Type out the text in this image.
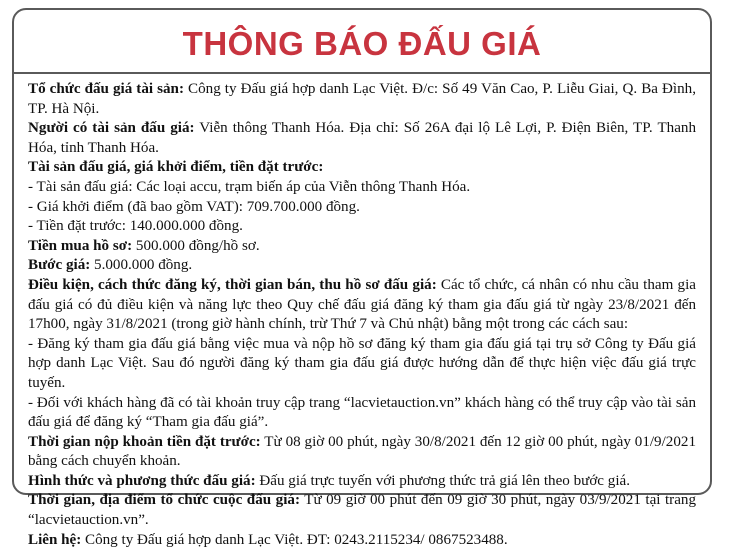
THÔNG BÁO ĐẤU GIÁ

Tổ chức đấu giá tài sản: Công ty Đấu giá hợp danh Lạc Việt. Đ/c: Số 49 Văn Cao, P. Liễu Giai, Q. Ba Đình, TP. Hà Nội.

Người có tài sản đấu giá: Viễn thông Thanh Hóa. Địa chỉ: Số 26A đại lộ Lê Lợi, P. Điện Biên, TP. Thanh Hóa, tỉnh Thanh Hóa.

Tài sản đấu giá, giá khởi điểm, tiền đặt trước:

- Tài sản đấu giá: Các loại accu, trạm biến áp của Viễn thông Thanh Hóa.

- Giá khởi điểm (đã bao gồm VAT): 709.700.000 đồng.

- Tiền đặt trước: 140.000.000 đồng.

Tiền mua hồ sơ: 500.000 đồng/hồ sơ.

Bước giá: 5.000.000 đồng.

Điều kiện, cách thức đăng ký, thời gian bán, thu hồ sơ đấu giá: Các tổ chức, cá nhân có nhu cầu tham gia đấu giá có đủ điều kiện và năng lực theo Quy chế đấu giá đăng ký tham gia đấu giá từ ngày 23/8/2021 đến 17h00, ngày 31/8/2021 (trong giờ hành chính, trừ Thứ 7 và Chủ nhật) bằng một trong các cách sau:

- Đăng ký tham gia đấu giá bằng việc mua và nộp hồ sơ đăng ký tham gia đấu giá tại trụ sở Công ty Đấu giá hợp danh Lạc Việt. Sau đó người đăng ký tham gia đấu giá được hướng dẫn để thực hiện việc đấu giá trực tuyến.

- Đối với khách hàng đã có tài khoản truy cập trang “lacvietauction.vn” khách hàng có thể truy cập vào tài sản đấu giá để đăng ký “Tham gia đấu giá”.

Thời gian nộp khoản tiền đặt trước: Từ 08 giờ 00 phút, ngày 30/8/2021 đến 12 giờ 00 phút, ngày 01/9/2021 bằng cách chuyển khoản.

Hình thức và phương thức đấu giá: Đấu giá trực tuyến với phương thức trả giá lên theo bước giá.

Thời gian, địa điểm tổ chức cuộc đấu giá: Từ 09 giờ 00 phút đến 09 giờ 30 phút, ngày 03/9/2021 tại trang “lacvietauction.vn”.

Liên hệ: Công ty Đấu giá hợp danh Lạc Việt. ĐT: 0243.2115234/ 0867523488.
